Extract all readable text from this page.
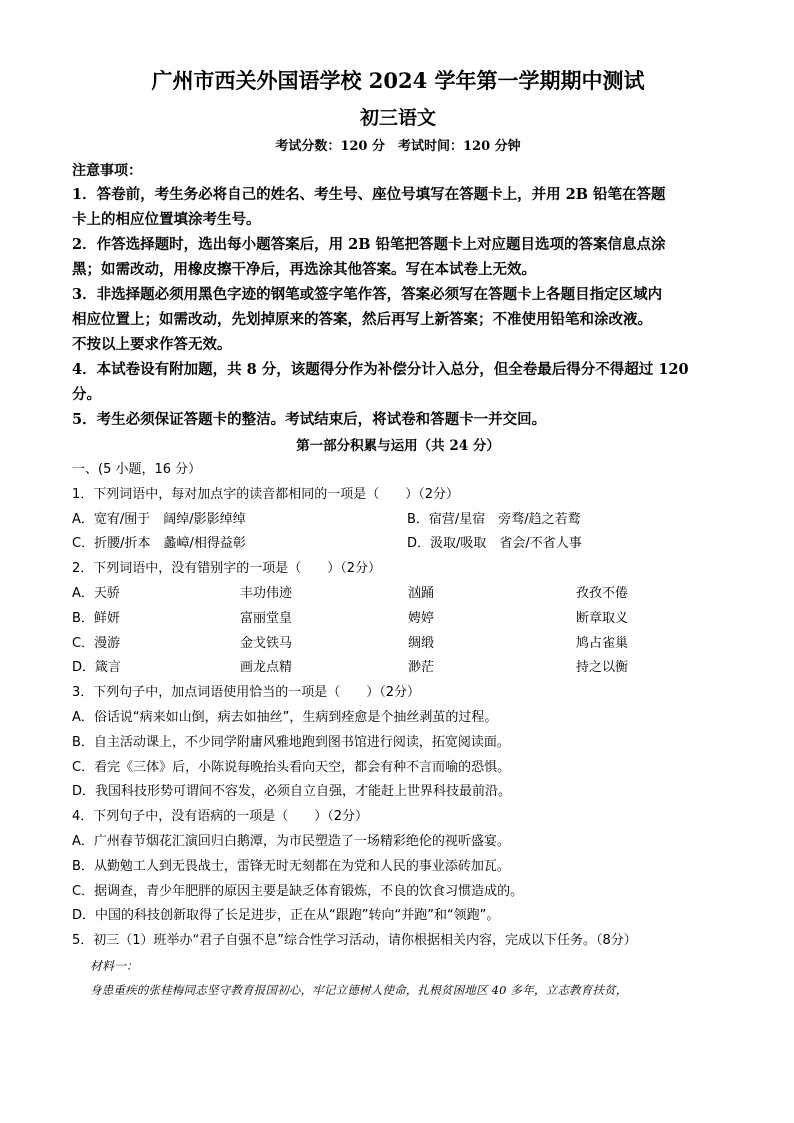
广州市西关外国语学校 2024 学年第一学期期中测试
初三语文
考试分数：120 分　考试时间：120 分钟
注意事项：

1．答卷前，考生务必将自己的姓名、考生号、座位号填写在答题卡上，并用 2B 铅笔在答题

卡上的相应位置填涂考生号。

2．作答选择题时，选出每小题答案后，用 2B 铅笔把答题卡上对应题目选项的答案信息点涂

黑；如需改动，用橡皮擦干净后，再选涂其他答案。写在本试卷上无效。

3．非选择题必须用黑色字迹的钢笔或签字笔作答，答案必须写在答题卡上各题目指定区域内

相应位置上；如需改动，先划掉原来的答案，然后再写上新答案；不准使用铅笔和涂改液。

不按以上要求作答无效。

4．本试卷设有附加题，共 8 分，该题得分作为补偿分计入总分，但全卷最后得分不得超过 120

分。

5．考生必须保证答题卡的整洁。考试结束后，将试卷和答题卡一并交回。

第一部分积累与运用（共 24 分）

一、(5 小题，16 分）

1．下列词语中，每对加点字的读音都相同的一项是（　　）（2分）

A．宽宥/囿于　阔绰/影影绰绰	B．宿营/星宿　旁骛/趋之若鹜
C．折腰/折本　蠡嶂/相得益彰	D．汲取/吸取　省会/不省人事

2．下列词语中，没有错别字的一项是（　　）（2分）

A．天骄	丰功伟迹	汹踊	孜孜不倦
B．鲜妍	富丽堂皇	娉婷	断章取义
C．漫游	金戈铁马	绸缎	鸠占雀巢
D．箴言	画龙点精	渺茫	持之以衡

3．下列句子中，加点词语使用恰当的一项是（　　）（2分）

A．俗话说“病来如山倒，病去如抽丝”，生病到痊愈是个抽丝剥茧的过程。

B．自主活动课上，不少同学附庸风雅地跑到图书馆进行阅读，拓宽阅读面。

C．看完《三体》后，小陈说每晚抬头看向天空，都会有种不言而喻的恐惧。

D．我国科技形势可谓间不容发，必须自立自强，才能赶上世界科技最前沿。

4．下列句子中，没有语病的一项是（　　）（2分）

A．广州春节烟花汇演回归白鹅潭，为市民塑造了一场精彩绝伦的视听盛宴。

B．从勤勉工人到无畏战士，雷锋无时无刻都在为党和人民的事业添砖加瓦。

C．据调查，青少年肥胖的原因主要是缺乏体育锻炼，不良的饮食习惯造成的。

D．中国的科技创新取得了长足进步，正在从“跟跑”转向“并跑”和“领跑”。

5．初三（1）班举办“君子自强不息”综合性学习活动，请你根据相关内容，完成以下任务。（8分）

材料一：
身患重疾的张桂梅同志坚守教育报国初心，牢记立德树人使命，扎根贫困地区 40 多年，立志教育扶贫，
